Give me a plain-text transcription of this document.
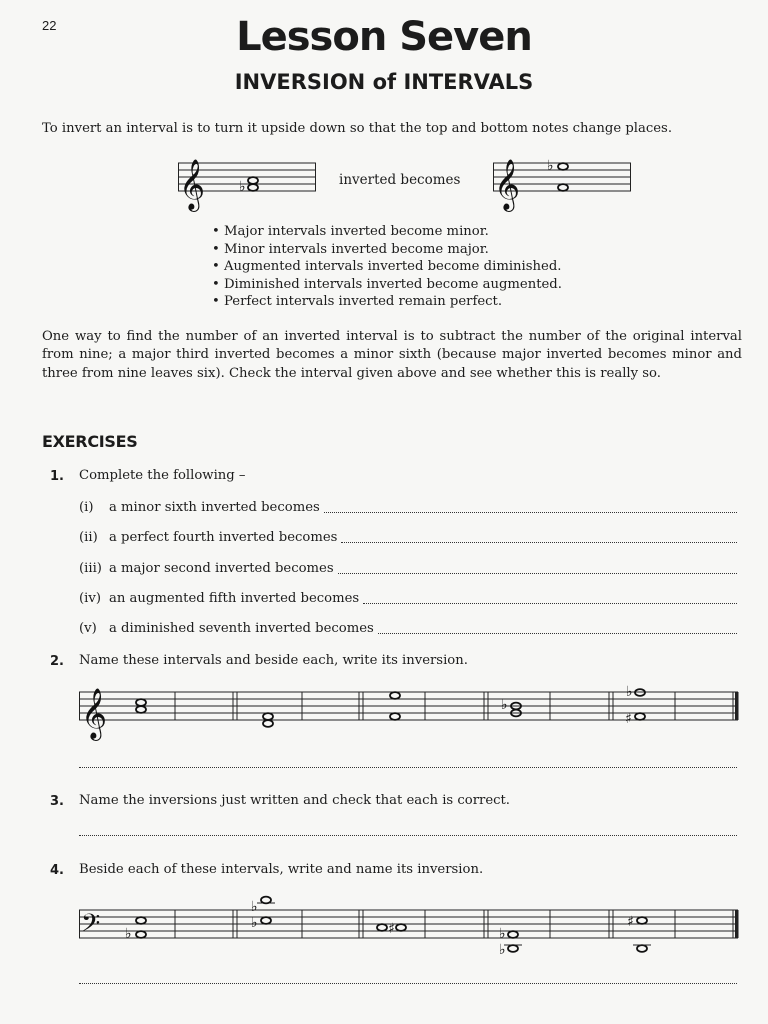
22	Lesson Seven
INVERSION of INTERVALS
To invert an interval is to turn it upside down so that the top and bottom notes change places.
𝄞 ♭	inverted becomes 𝄞 ♭
• Major intervals inverted become minor.
• Minor intervals inverted become major.
• Augmented intervals inverted become diminished.
• Diminished intervals inverted become augmented.
• Perfect intervals inverted remain perfect.
One way to find the number of an inverted interval is to subtract the number of the original interval from nine; a major third inverted becomes a minor sixth (because major inverted becomes minor and three from nine leaves six). Check the interval given above and see whether this is really so.
EXERCISES
1. Complete the following –
(i)	a minor sixth inverted becomes
(ii) a perfect fourth inverted becomes
(iii) a major second inverted becomes
(iv) an augmented fifth inverted becomes
(v) a diminished seventh inverted becomes
2. Name these intervals and beside each, write its inversion.
𝄞	♭
♭
♯
3. Name the inversions just written and check that each is correct.
4. Beside each of these intervals, write and name its inversion.
𝄢 ♭
♭
♭	♯	♭
♭
♯
